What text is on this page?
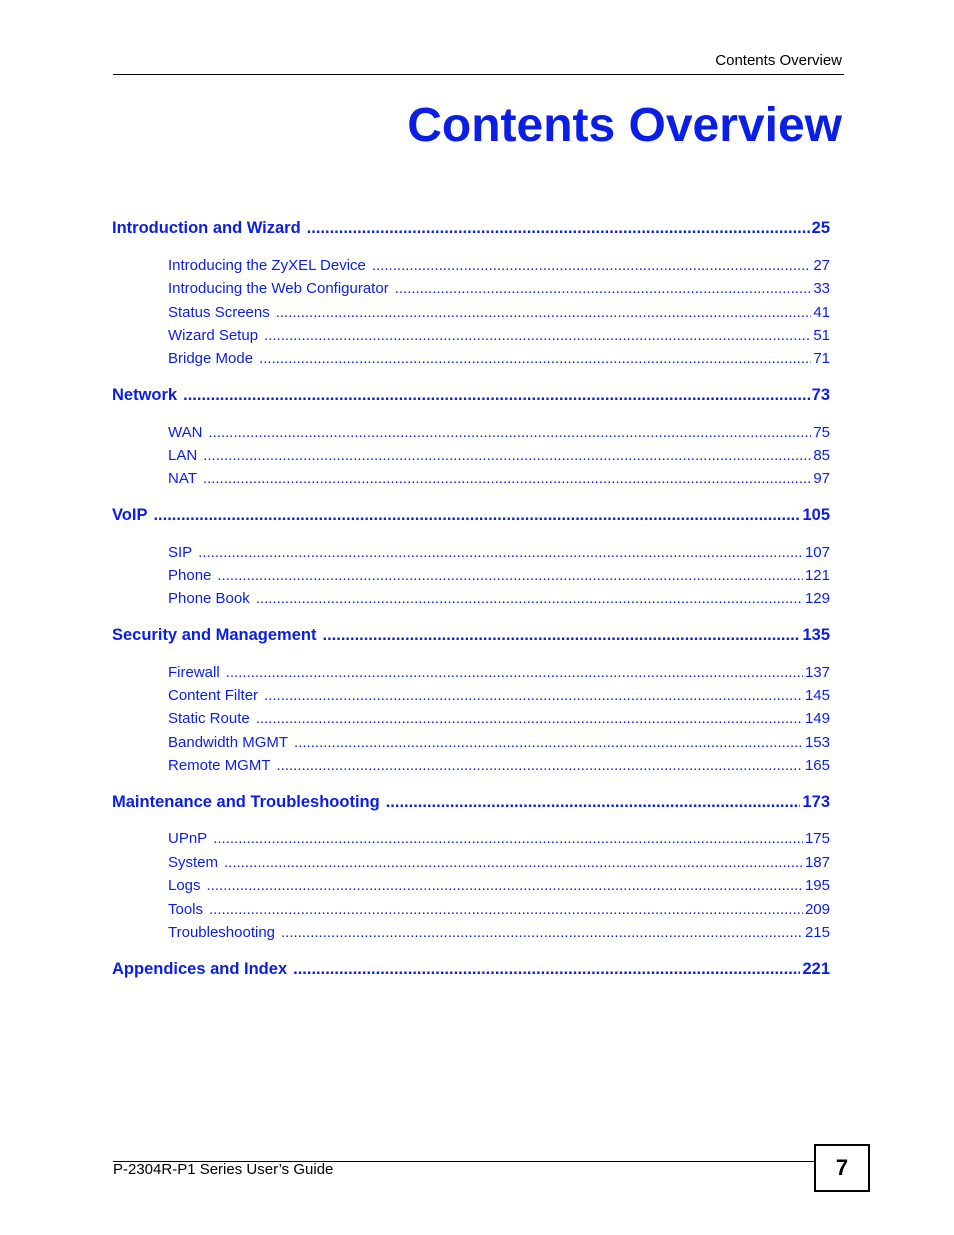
Contents Overview
Contents Overview
Introduction and Wizard .....	25
Introducing the ZyXEL Device .....	27
Introducing the Web Configurator .....	33
Status Screens .....	41
Wizard Setup .....	51
Bridge Mode .....	71
Network .....	73
WAN .....	75
LAN .....	85
NAT .....	97
VoIP .....	105
SIP .....	107
Phone .....	121
Phone Book .....	129
Security and Management .....	135
Firewall .....	137
Content Filter .....	145
Static Route .....	149
Bandwidth MGMT .....	153
Remote MGMT .....	165
Maintenance and Troubleshooting .....	173
UPnP .....	175
System .....	187
Logs .....	195
Tools .....	209
Troubleshooting .....	215
Appendices and Index .....	221
P-2304R-P1 Series User’s Guide	7
